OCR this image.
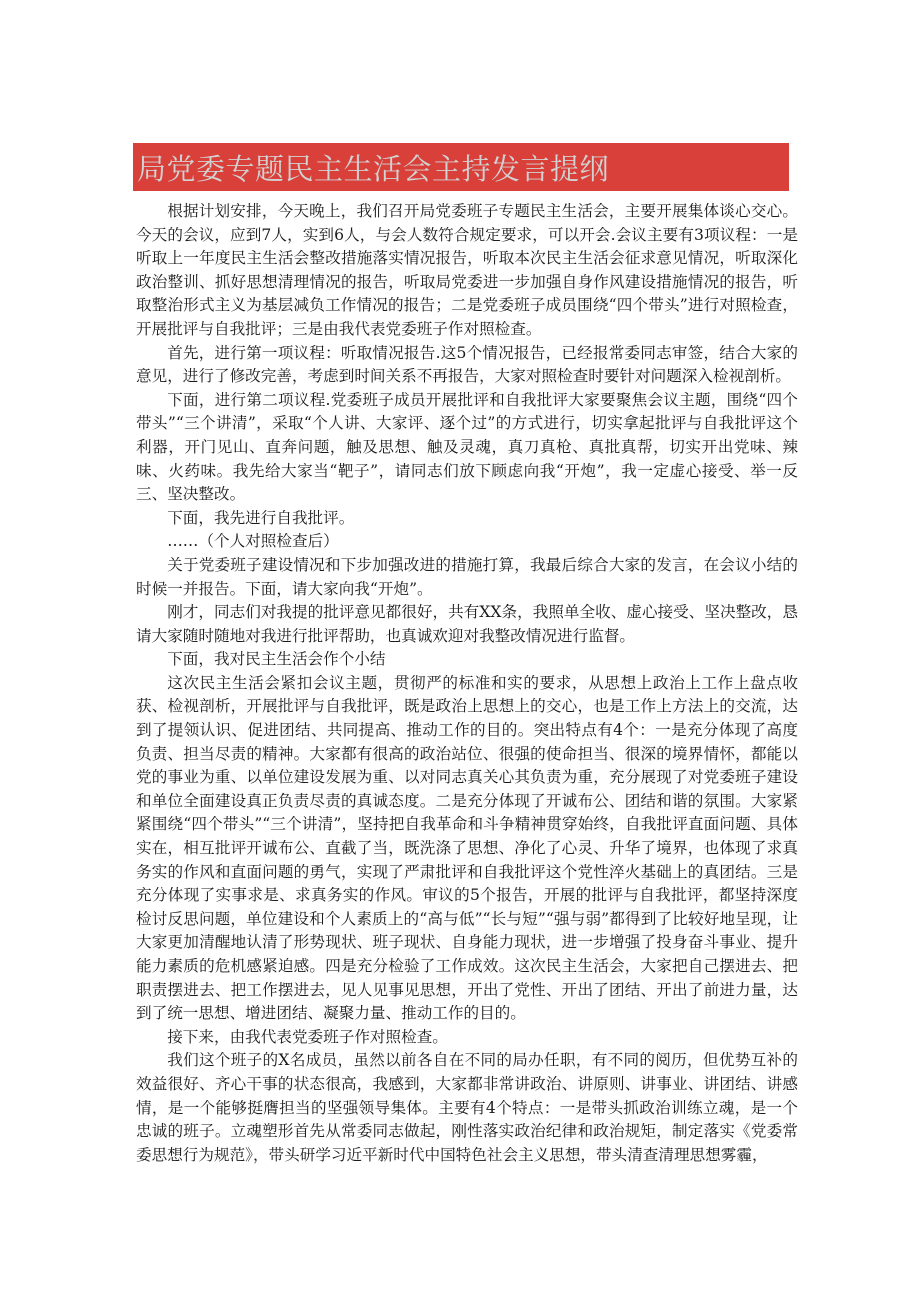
局党委专题民主生活会主持发言提纲

根据计划安排，今天晚上，我们召开局党委班子专题民主生活会，主要开展集体谈心交心。今天的会议，应到7人，实到6人，与会人数符合规定要求，可以开会.会议主要有3项议程：一是听取上一年度民主生活会整改措施落实情况报告，听取本次民主生活会征求意见情况，听取深化政治整训、抓好思想清理情况的报告，听取局党委进一步加强自身作风建设措施情况的报告，听取整治形式主义为基层减负工作情况的报告；二是党委班子成员围绕“四个带头”进行对照检查，开展批评与自我批评；三是由我代表党委班子作对照检查。

首先，进行第一项议程：听取情况报告.这5个情况报告，已经报常委同志审签，结合大家的意见，进行了修改完善，考虑到时间关系不再报告，大家对照检查时要针对问题深入检视剖析。

下面，进行第二项议程.党委班子成员开展批评和自我批评大家要聚焦会议主题，围绕“四个带头”“三个讲清”，采取“个人讲、大家评、逐个过”的方式进行，切实拿起批评与自我批评这个利器，开门见山、直奔问题，触及思想、触及灵魂，真刀真枪、真批真帮，切实开出党味、辣味、火药味。我先给大家当“靶子”，请同志们放下顾虑向我“开炮”，我一定虚心接受、举一反三、坚决整改。

下面，我先进行自我批评。

……（个人对照检查后）

关于党委班子建设情况和下步加强改进的措施打算，我最后综合大家的发言，在会议小结的时候一并报告。下面，请大家向我“开炮”。

刚才，同志们对我提的批评意见都很好，共有XX条，我照单全收、虚心接受、坚决整改，恳请大家随时随地对我进行批评帮助，也真诚欢迎对我整改情况进行监督。

下面，我对民主生活会作个小结

这次民主生活会紧扣会议主题，贯彻严的标准和实的要求，从思想上政治上工作上盘点收获、检视剖析，开展批评与自我批评，既是政治上思想上的交心，也是工作上方法上的交流，达到了提领认识、促进团结、共同提高、推动工作的目的。突出特点有4个：一是充分体现了高度负责、担当尽责的精神。大家都有很高的政治站位、很强的使命担当、很深的境界情怀，都能以党的事业为重、以单位建设发展为重、以对同志真关心其负责为重，充分展现了对党委班子建设和单位全面建设真正负责尽责的真诚态度。二是充分体现了开诚布公、团结和谐的氛围。大家紧紧围绕“四个带头”“三个讲清”，坚持把自我革命和斗争精神贯穿始终，自我批评直面问题、具体实在，相互批评开诚布公、直截了当，既洗涤了思想、净化了心灵、升华了境界，也体现了求真务实的作风和直面问题的勇气，实现了严肃批评和自我批评这个党性淬火基础上的真团结。三是充分体现了实事求是、求真务实的作风。审议的5个报告，开展的批评与自我批评，都坚持深度检讨反思问题，单位建设和个人素质上的“高与低”“长与短”“强与弱”都得到了比较好地呈现，让大家更加清醒地认清了形势现状、班子现状、自身能力现状，进一步增强了投身奋斗事业、提升能力素质的危机感紧迫感。四是充分检验了工作成效。这次民主生活会，大家把自己摆进去、把职责摆进去、把工作摆进去，见人见事见思想，开出了党性、开出了团结、开出了前进力量，达到了统一思想、增进团结、凝聚力量、推动工作的目的。

接下来，由我代表党委班子作对照检查。

我们这个班子的X名成员，虽然以前各自在不同的局办任职，有不同的阅历，但优势互补的效益很好、齐心干事的状态很高，我感到，大家都非常讲政治、讲原则、讲事业、讲团结、讲感情，是一个能够挺膺担当的坚强领导集体。主要有4个特点：一是带头抓政治训练立魂，是一个忠诚的班子。立魂塑形首先从常委同志做起，刚性落实政治纪律和政治规矩，制定落实《党委常委思想行为规范》，带头研学习近平新时代中国特色社会主义思想，带头清查清理思想雾霾，
